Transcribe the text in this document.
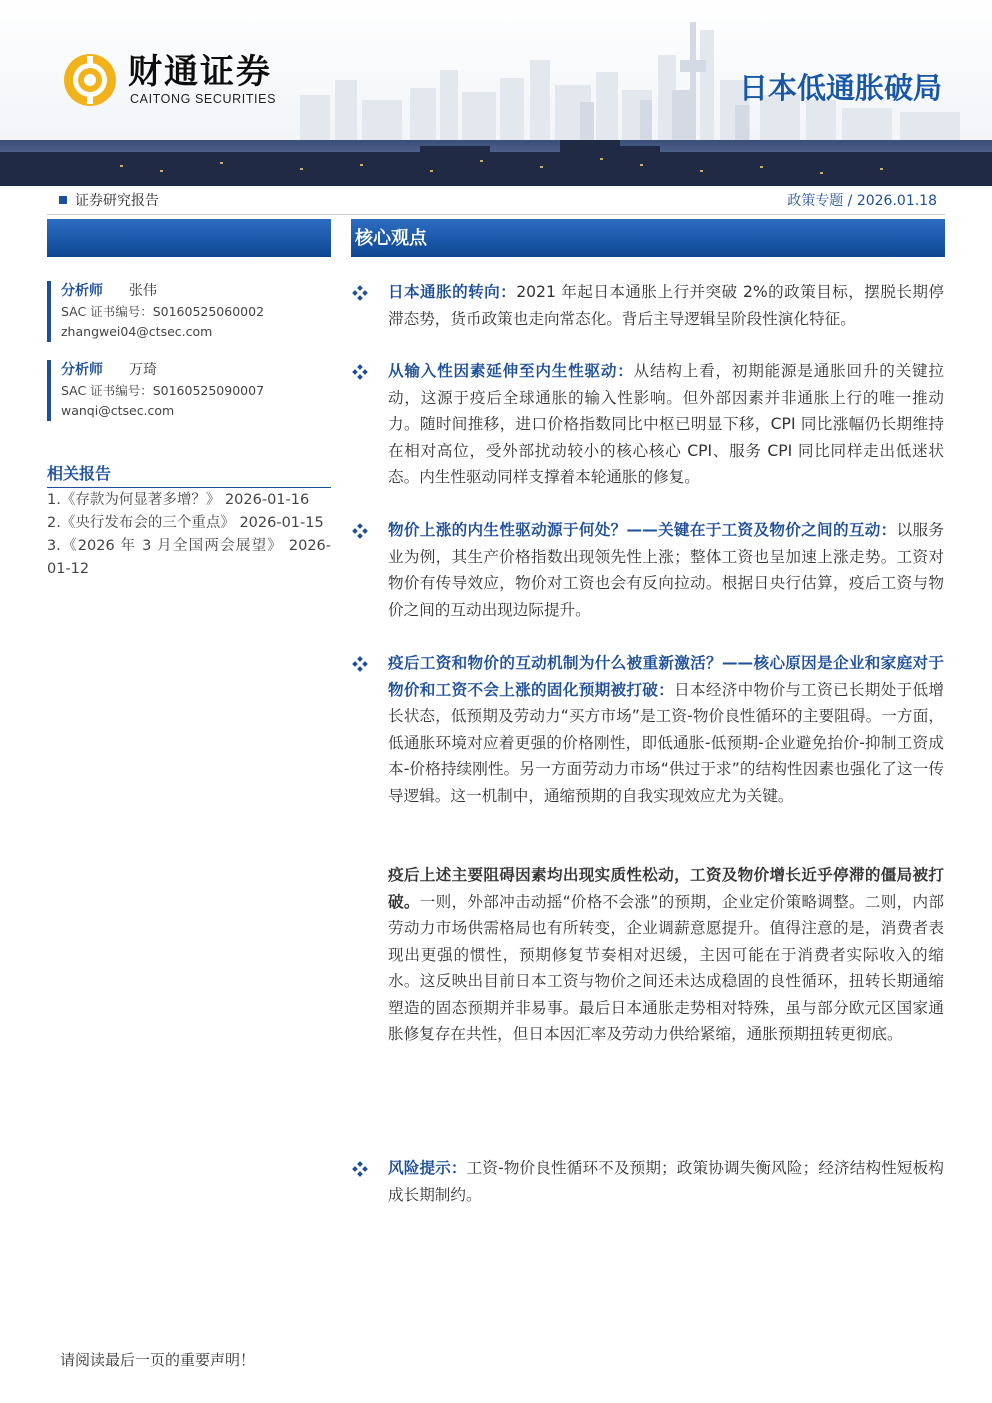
财通证券
CAITONG SECURITIES	日本低通胀破局
证券研究报告	政策专题 / 2026.01.18
核心观点
分析师 张伟
SAC 证书编号：S0160525060002
zhangwei04@ctsec.com
分析师 万琦
SAC 证书编号：S0160525090007
wanqi@ctsec.com
相关报告
1.《存款为何显著多增？》 2026-01-16
2.《央行发布会的三个重点》 2026-01-15
3.《2026 年 3 月全国两会展望》 2026-01-12
日本通胀的转向：2021 年起日本通胀上行并突破 2%的政策目标，摆脱长期停滞态势，货币政策也走向常态化。背后主导逻辑呈阶段性演化特征。
从输入性因素延伸至内生性驱动：从结构上看，初期能源是通胀回升的关键拉动，这源于疫后全球通胀的输入性影响。但外部因素并非通胀上行的唯一推动力。随时间推移，进口价格指数同比中枢已明显下移，CPI 同比涨幅仍长期维持在相对高位，受外部扰动较小的核心核心 CPI、服务 CPI 同比同样走出低迷状态。内生性驱动同样支撑着本轮通胀的修复。
物价上涨的内生性驱动源于何处？——关键在于工资及物价之间的互动：以服务业为例，其生产价格指数出现领先性上涨；整体工资也呈加速上涨走势。工资对物价有传导效应，物价对工资也会有反向拉动。根据日央行估算，疫后工资与物价之间的互动出现边际提升。
疫后工资和物价的互动机制为什么被重新激活？——核心原因是企业和家庭对于物价和工资不会上涨的固化预期被打破：日本经济中物价与工资已长期处于低增长状态，低预期及劳动力“买方市场”是工资-物价良性循环的主要阻碍。一方面，低通胀环境对应着更强的价格刚性，即低通胀-低预期-企业避免抬价-抑制工资成本-价格持续刚性。另一方面劳动力市场“供过于求”的结构性因素也强化了这一传导逻辑。这一机制中，通缩预期的自我实现效应尤为关键。
疫后上述主要阻碍因素均出现实质性松动，工资及物价增长近乎停滞的僵局被打破。一则，外部冲击动摇“价格不会涨”的预期，企业定价策略调整。二则，内部劳动力市场供需格局也有所转变，企业调薪意愿提升。值得注意的是，消费者表现出更强的惯性，预期修复节奏相对迟缓，主因可能在于消费者实际收入的缩水。这反映出目前日本工资与物价之间还未达成稳固的良性循环，扭转长期通缩塑造的固态预期并非易事。最后日本通胀走势相对特殊，虽与部分欧元区国家通胀修复存在共性，但日本因汇率及劳动力供给紧缩，通胀预期扭转更彻底。
风险提示：工资-物价良性循环不及预期；政策协调失衡风险；经济结构性短板构成长期制约。
请阅读最后一页的重要声明！
